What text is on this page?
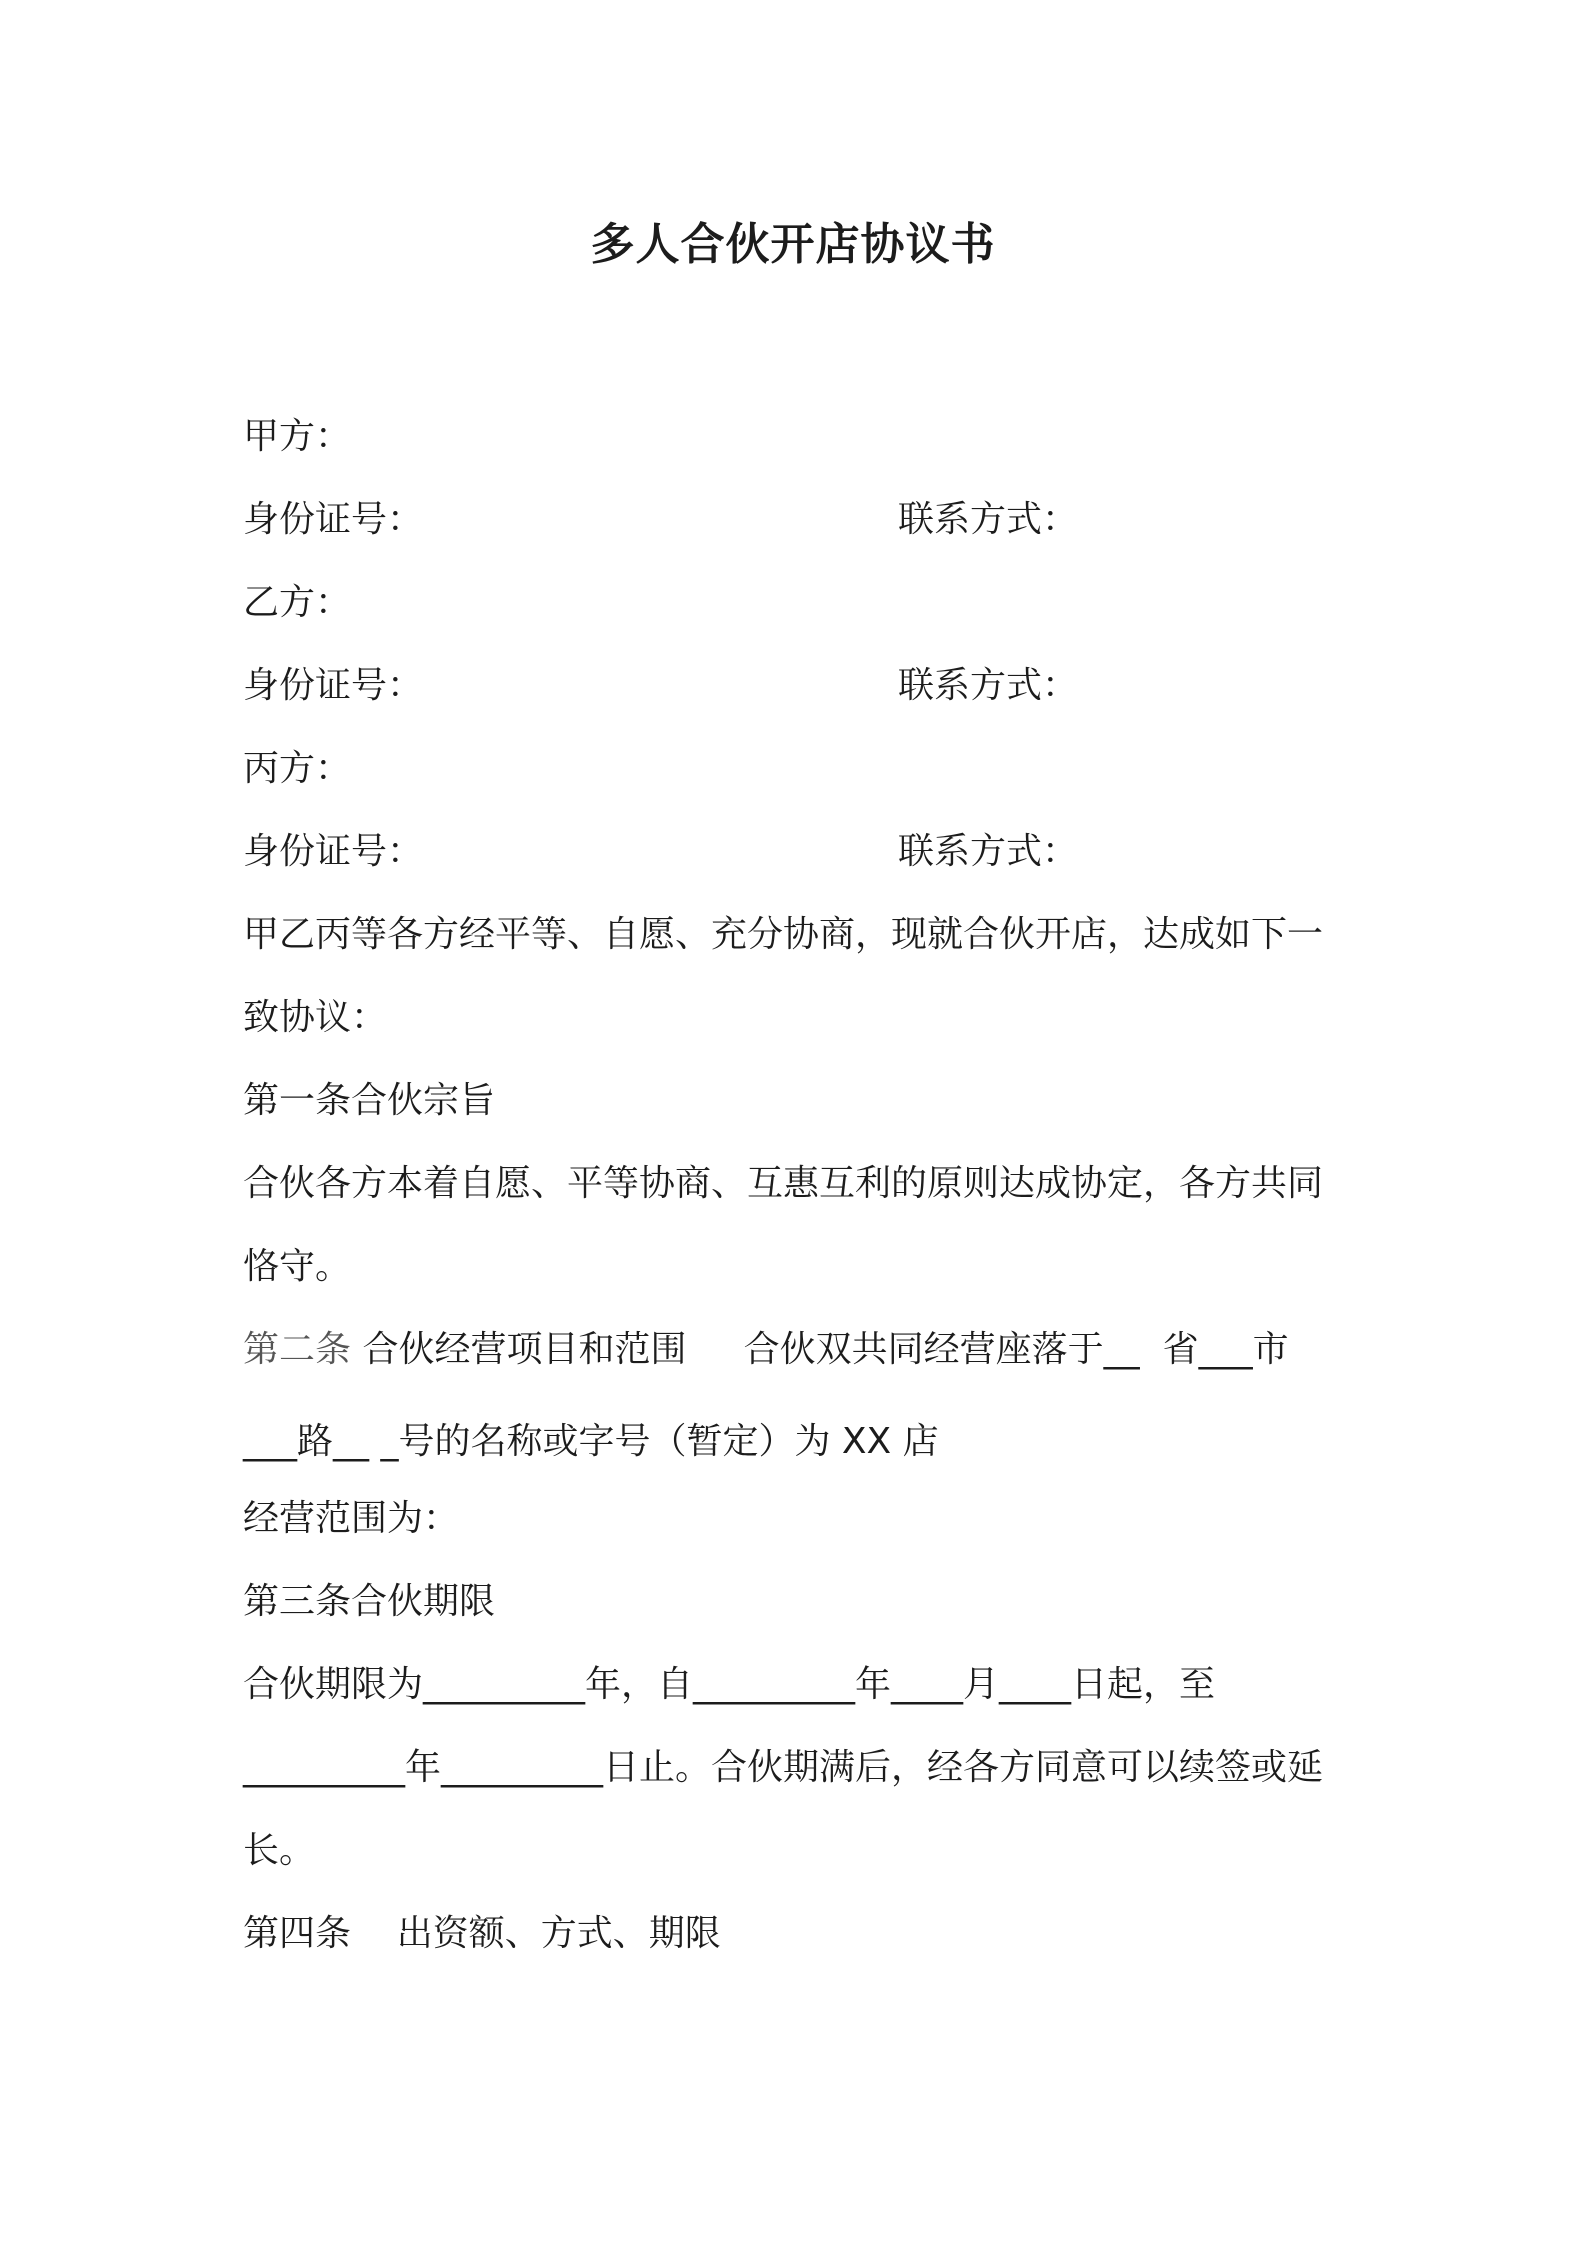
多人合伙开店协议书
甲方：
身份证号：	联系方式：
乙方：
身份证号：	联系方式：
丙方：
身份证号：	联系方式：
甲乙丙等各方经平等、自愿、充分协商，现就合伙开店，达成如下一
致协议：
第一条合伙宗旨
合伙各方本着自愿、平等协商、互惠互利的原则达成协定，各方共同
恪守。
第二条 合伙经营项目和范围     合伙双共同经营座落于__  省___市
___路__ _号的名称或字号（暂定）为 XX 店
经营范围为：
第三条合伙期限
合伙期限为_________年，自_________年____月____日起，至
_________年_________日止。合伙期满后，经各方同意可以续签或延
长。
第四条    出资额、方式、期限
